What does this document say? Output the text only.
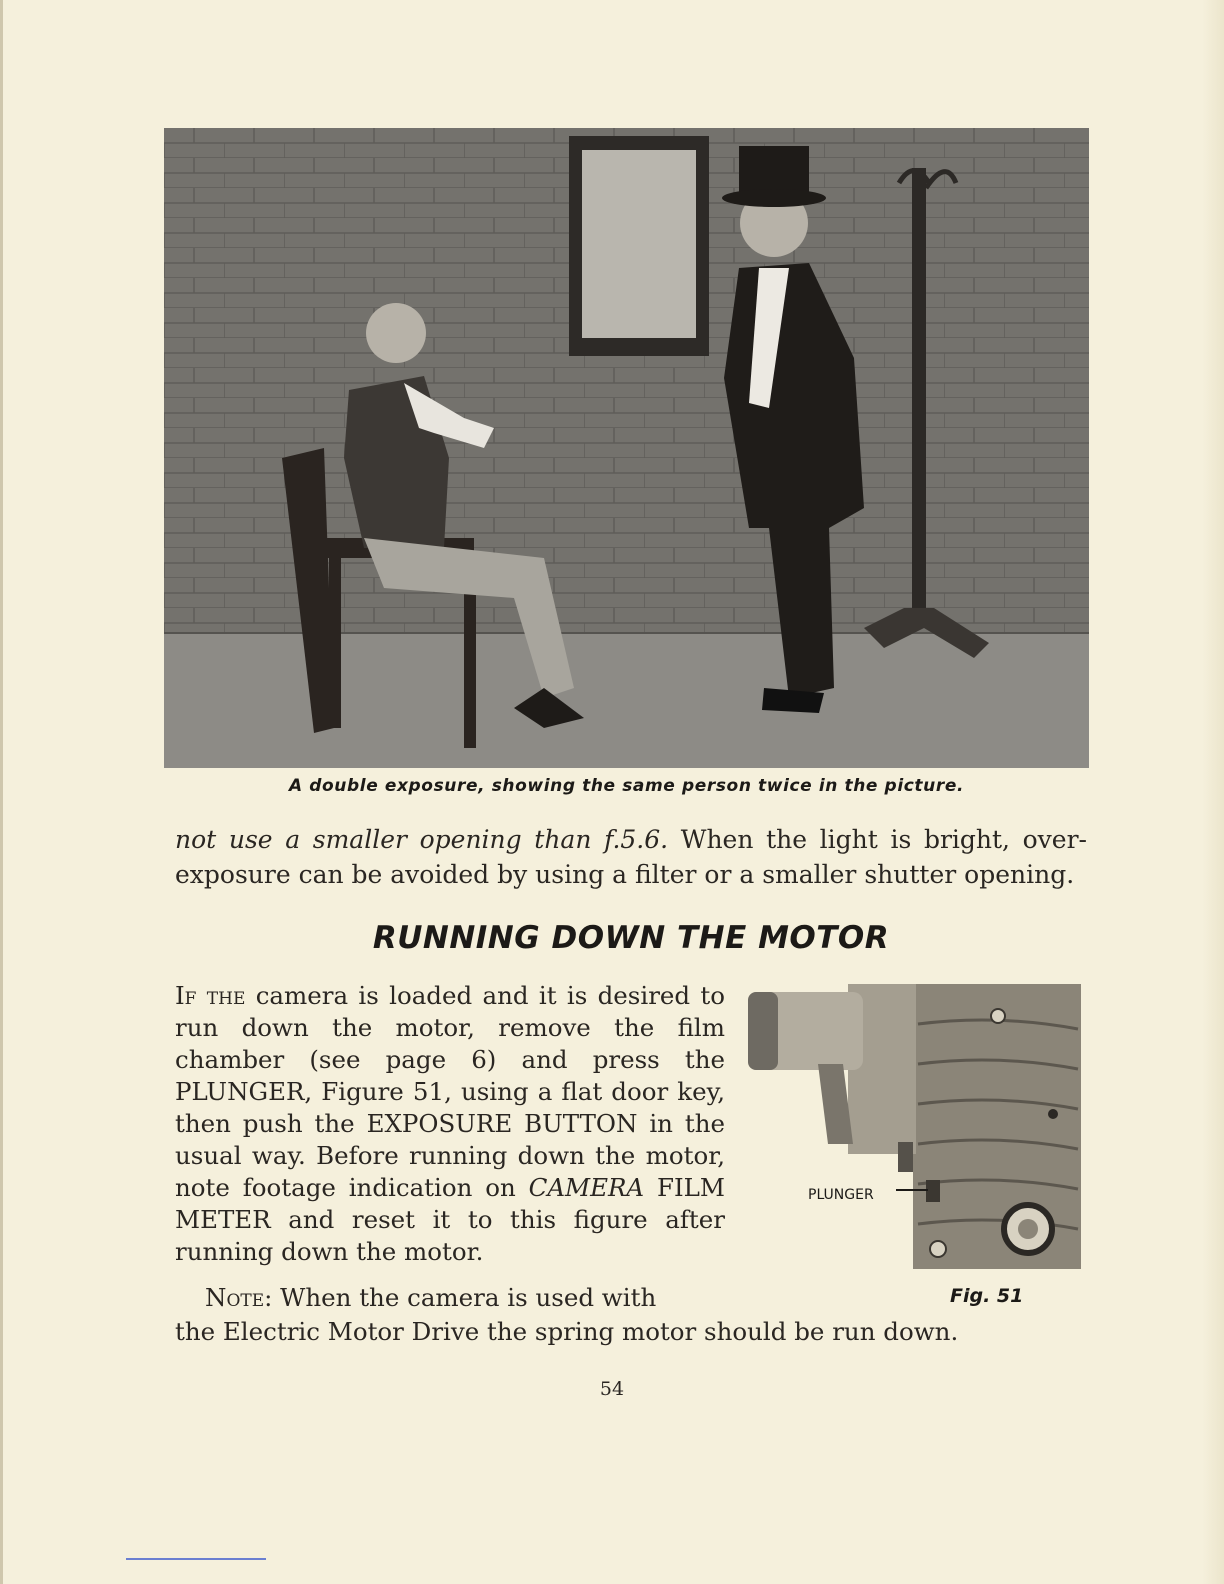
A double exposure, showing the same person twice in the picture.
not use a smaller opening than f.5.6. When the light is bright, over-exposure can be avoided by using a filter or a smaller shutter opening.
RUNNING DOWN THE MOTOR
If the camera is loaded and it is desired to run down the motor, remove the film chamber (see page 6) and press the PLUNGER, Figure 51, using a flat door key, then push the EXPOSURE BUTTON in the usual way. Before running down the motor, note footage indication on CAMERA FILM METER and reset it to this figure after running down the motor.
PLUNGER
Fig. 51
Note: When the camera is used with
the Electric Motor Drive the spring motor should be run down.
54
